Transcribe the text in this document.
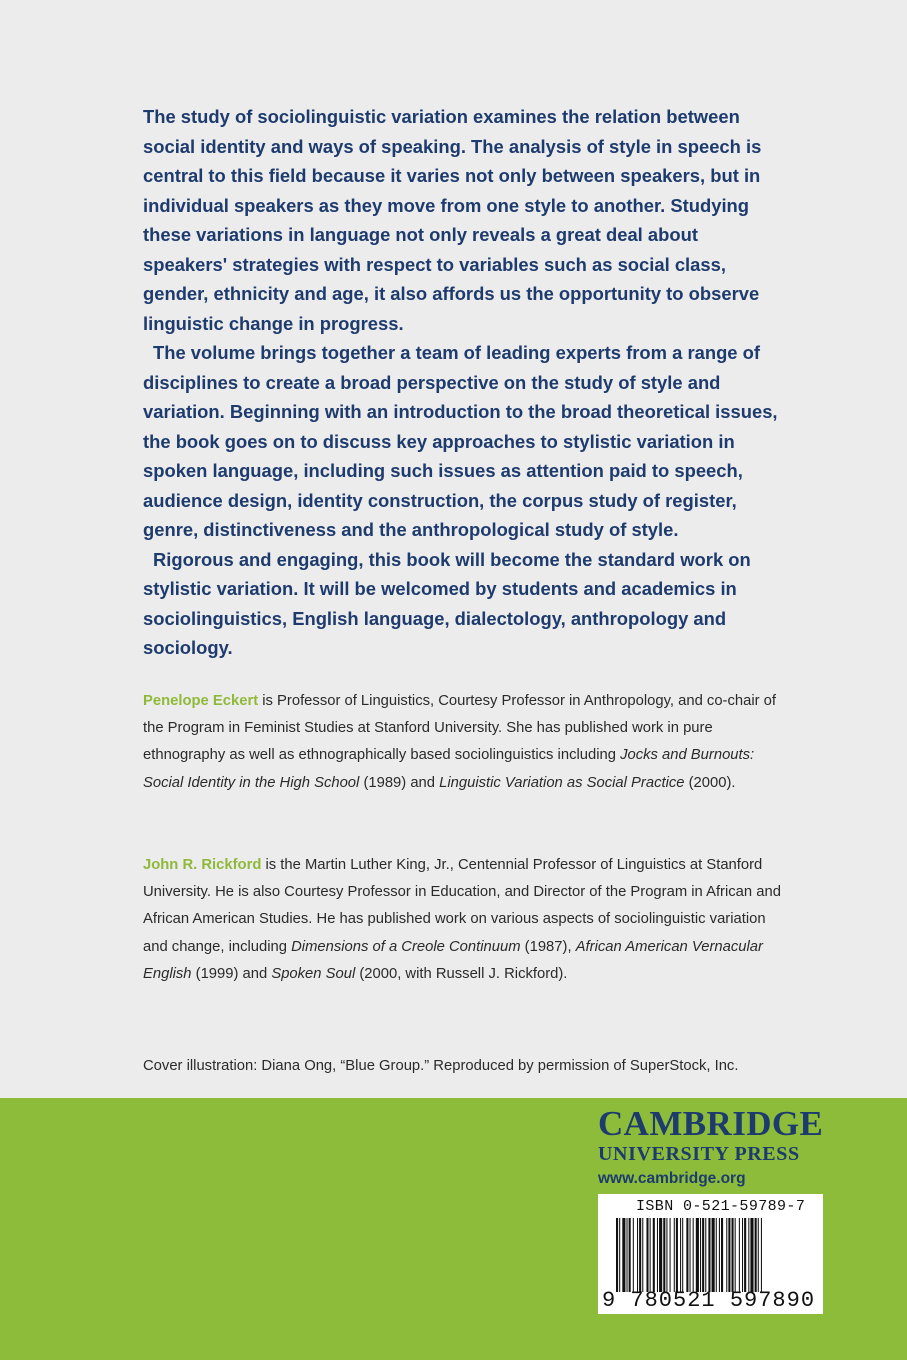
The study of sociolinguistic variation examines the relation between social identity and ways of speaking. The analysis of style in speech is central to this field because it varies not only between speakers, but in individual speakers as they move from one style to another. Studying these variations in language not only reveals a great deal about speakers' strategies with respect to variables such as social class, gender, ethnicity and age, it also affords us the opportunity to observe linguistic change in progress.

The volume brings together a team of leading experts from a range of disciplines to create a broad perspective on the study of style and variation. Beginning with an introduction to the broad theoretical issues, the book goes on to discuss key approaches to stylistic variation in spoken language, including such issues as attention paid to speech, audience design, identity construction, the corpus study of register, genre, distinctiveness and the anthropological study of style.

Rigorous and engaging, this book will become the standard work on stylistic variation. It will be welcomed by students and academics in sociolinguistics, English language, dialectology, anthropology and sociology.

Penelope Eckert is Professor of Linguistics, Courtesy Professor in Anthropology, and co-chair of the Program in Feminist Studies at Stanford University. She has published work in pure ethnography as well as ethnographically based sociolinguistics including Jocks and Burnouts: Social Identity in the High School (1989) and Linguistic Variation as Social Practice (2000).

John R. Rickford is the Martin Luther King, Jr., Centennial Professor of Linguistics at Stanford University. He is also Courtesy Professor in Education, and Director of the Program in African and African American Studies. He has published work on various aspects of sociolinguistic variation and change, including Dimensions of a Creole Continuum (1987), African American Vernacular English (1999) and Spoken Soul (2000, with Russell J. Rickford).

Cover illustration: Diana Ong, “Blue Group.” Reproduced by permission of SuperStock, Inc.
CAMBRIDGE
UNIVERSITY PRESS
www.cambridge.org
ISBN 0-521-59789-7
9 780521 597890
